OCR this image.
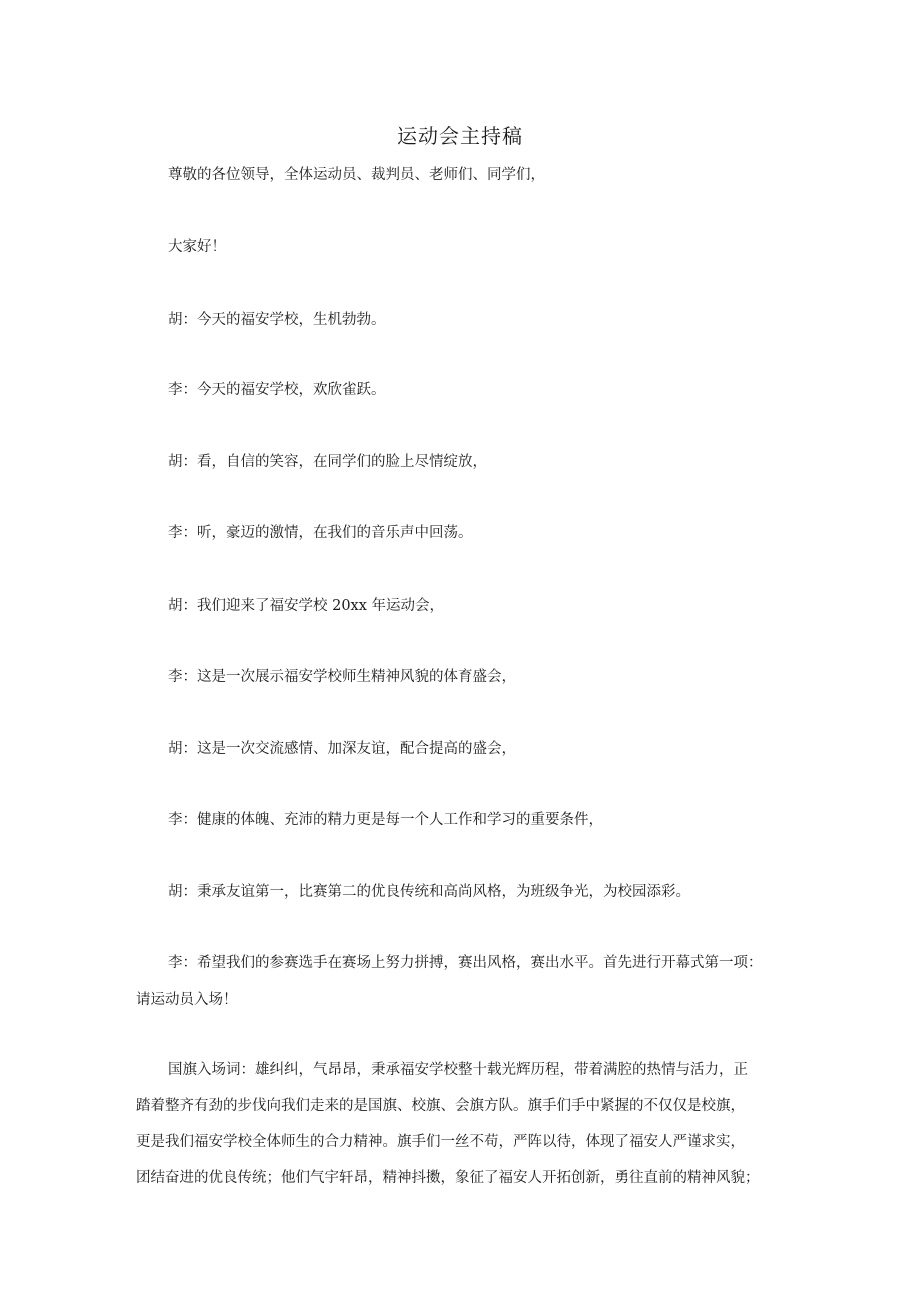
运动会主持稿
尊敬的各位领导，全体运动员、裁判员、老师们、同学们，
大家好！
胡：今天的福安学校，生机勃勃。
李：今天的福安学校，欢欣雀跃。
胡：看，自信的笑容，在同学们的脸上尽情绽放，
李：听，豪迈的激情，在我们的音乐声中回荡。
胡：我们迎来了福安学校 20xx 年运动会，
李：这是一次展示福安学校师生精神风貌的体育盛会，
胡：这是一次交流感情、加深友谊，配合提高的盛会，
李：健康的体魄、充沛的精力更是每一个人工作和学习的重要条件，
胡：秉承友谊第一，比赛第二的优良传统和高尚风格，为班级争光，为校园添彩。
李：希望我们的参赛选手在赛场上努力拼搏，赛出风格，赛出水平。首先进行开幕式第一项：
请运动员入场！
国旗入场词：雄纠纠，气昂昂，秉承福安学校整十载光辉历程，带着满腔的热情与活力，正
踏着整齐有劲的步伐向我们走来的是国旗、校旗、会旗方队。旗手们手中紧握的不仅仅是校旗，
更是我们福安学校全体师生的合力精神。旗手们一丝不苟，严阵以待，体现了福安人严谨求实，
团结奋进的优良传统；他们气宇轩昂，精神抖擞，象征了福安人开拓创新，勇往直前的精神风貌；
